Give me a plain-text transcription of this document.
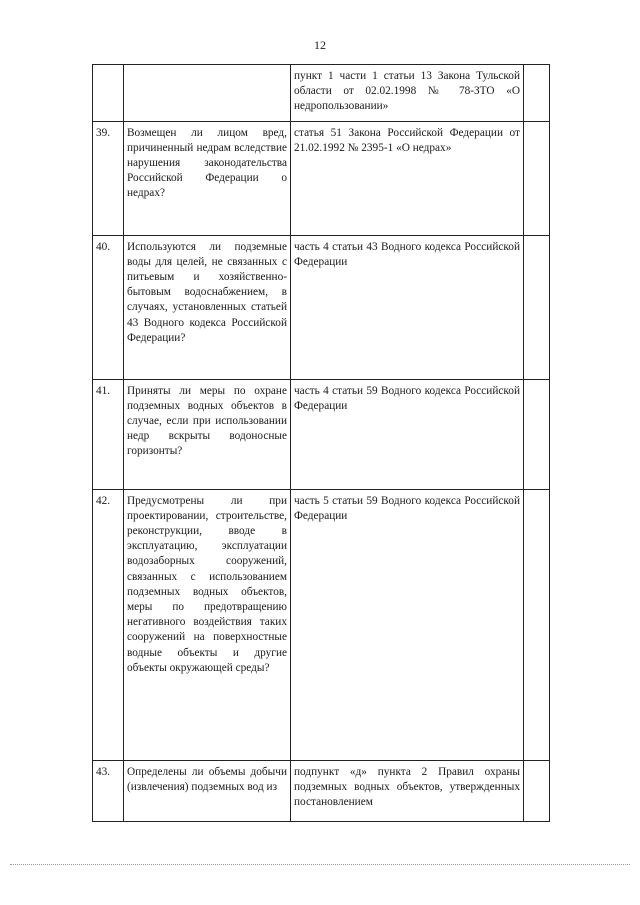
12
		пункт 1 части 1 статьи 13 Закона Тульской области от 02.02.1998 № 78-ЗТО «О недропользовании»	
39.	Возмещен ли лицом вред, причиненный недрам вследствие нарушения законодательства Российской Федерации о недрах?	статья 51 Закона Российской Федерации от 21.02.1992 № 2395-1 «О недрах»	
40.	Используются ли подземные воды для целей, не связанных с питьевым и хозяйственно-бытовым водоснабжением, в случаях, установленных статьей 43 Водного кодекса Российской Федерации?	часть 4 статьи 43 Водного кодекса Российской Федерации	
41.	Приняты ли меры по охране подземных водных объектов в случае, если при использовании недр вскрыты водоносные горизонты?	часть 4 статьи 59 Водного кодекса Российской Федерации	
42.	Предусмотрены ли при проектировании, строительстве, реконструкции, вводе в эксплуатацию, эксплуатации водозаборных сооружений, связанных с использованием подземных водных объектов, меры по предотвращению негативного воздействия таких сооружений на поверхностные водные объекты и другие объекты окружающей среды?	часть 5 статьи 59 Водного кодекса Российской Федерации	
43.	Определены ли объемы добычи (извлечения) подземных вод из	подпункт «д» пункта 2 Правил охраны подземных водных объектов, утвержденных постановлением	
